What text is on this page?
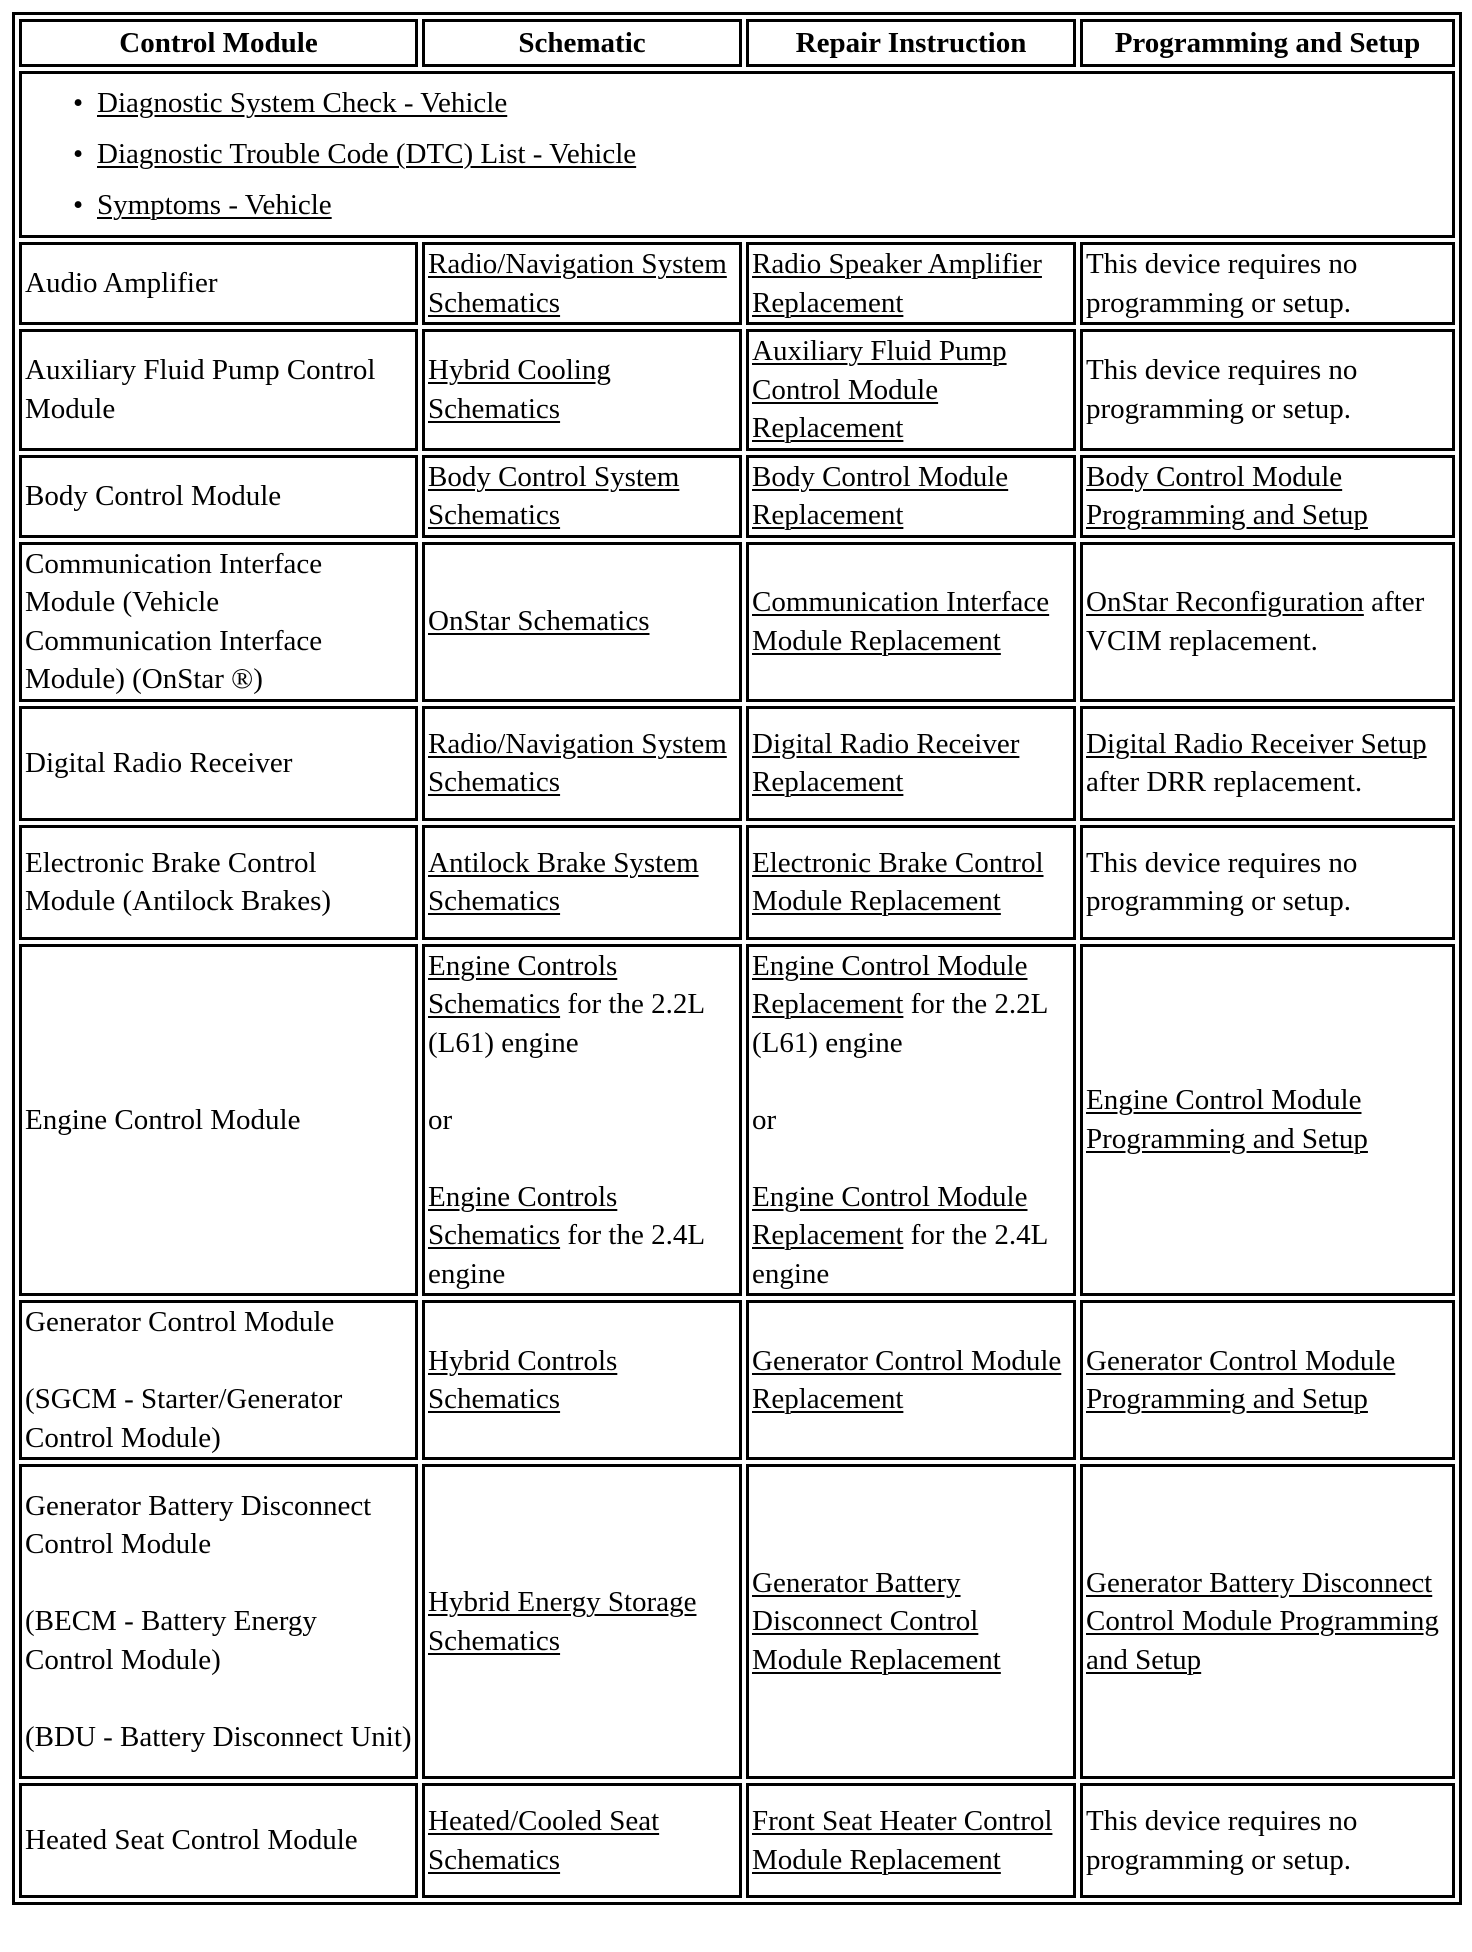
Control Module	Schematic	Repair Instruction	Programming and Setup

• Diagnostic System Check - Vehicle
• Diagnostic Trouble Code (DTC) List - Vehicle
• Symptoms - Vehicle

Audio Amplifier	Radio/Navigation System Schematics	Radio Speaker Amplifier Replacement	This device requires no programming or setup.
Auxiliary Fluid Pump Control Module	Hybrid Cooling Schematics	Auxiliary Fluid Pump Control Module Replacement	This device requires no programming or setup.
Body Control Module	Body Control System Schematics	Body Control Module Replacement	Body Control Module Programming and Setup
Communication Interface Module (Vehicle Communication Interface Module) (OnStar ®)	OnStar Schematics	Communication Interface Module Replacement	OnStar Reconfiguration after VCIM replacement.
Digital Radio Receiver	Radio/Navigation System Schematics	Digital Radio Receiver Replacement	Digital Radio Receiver Setup after DRR replacement.
Electronic Brake Control Module (Antilock Brakes)	Antilock Brake System Schematics	Electronic Brake Control Module Replacement	This device requires no programming or setup.
Engine Control Module	Engine Controls Schematics for the 2.2L (L61) engine
or
Engine Controls Schematics for the 2.4L engine	Engine Control Module Replacement for the 2.2L (L61) engine
or
Engine Control Module Replacement for the 2.4L engine	Engine Control Module Programming and Setup
Generator Control Module
(SGCM - Starter/Generator Control Module)	Hybrid Controls Schematics	Generator Control Module Replacement	Generator Control Module Programming and Setup
Generator Battery Disconnect Control Module
(BECM - Battery Energy Control Module)
(BDU - Battery Disconnect Unit)	Hybrid Energy Storage Schematics	Generator Battery Disconnect Control Module Replacement	Generator Battery Disconnect Control Module Programming and Setup
Heated Seat Control Module	Heated/Cooled Seat Schematics	Front Seat Heater Control Module Replacement	This device requires no programming or setup.
